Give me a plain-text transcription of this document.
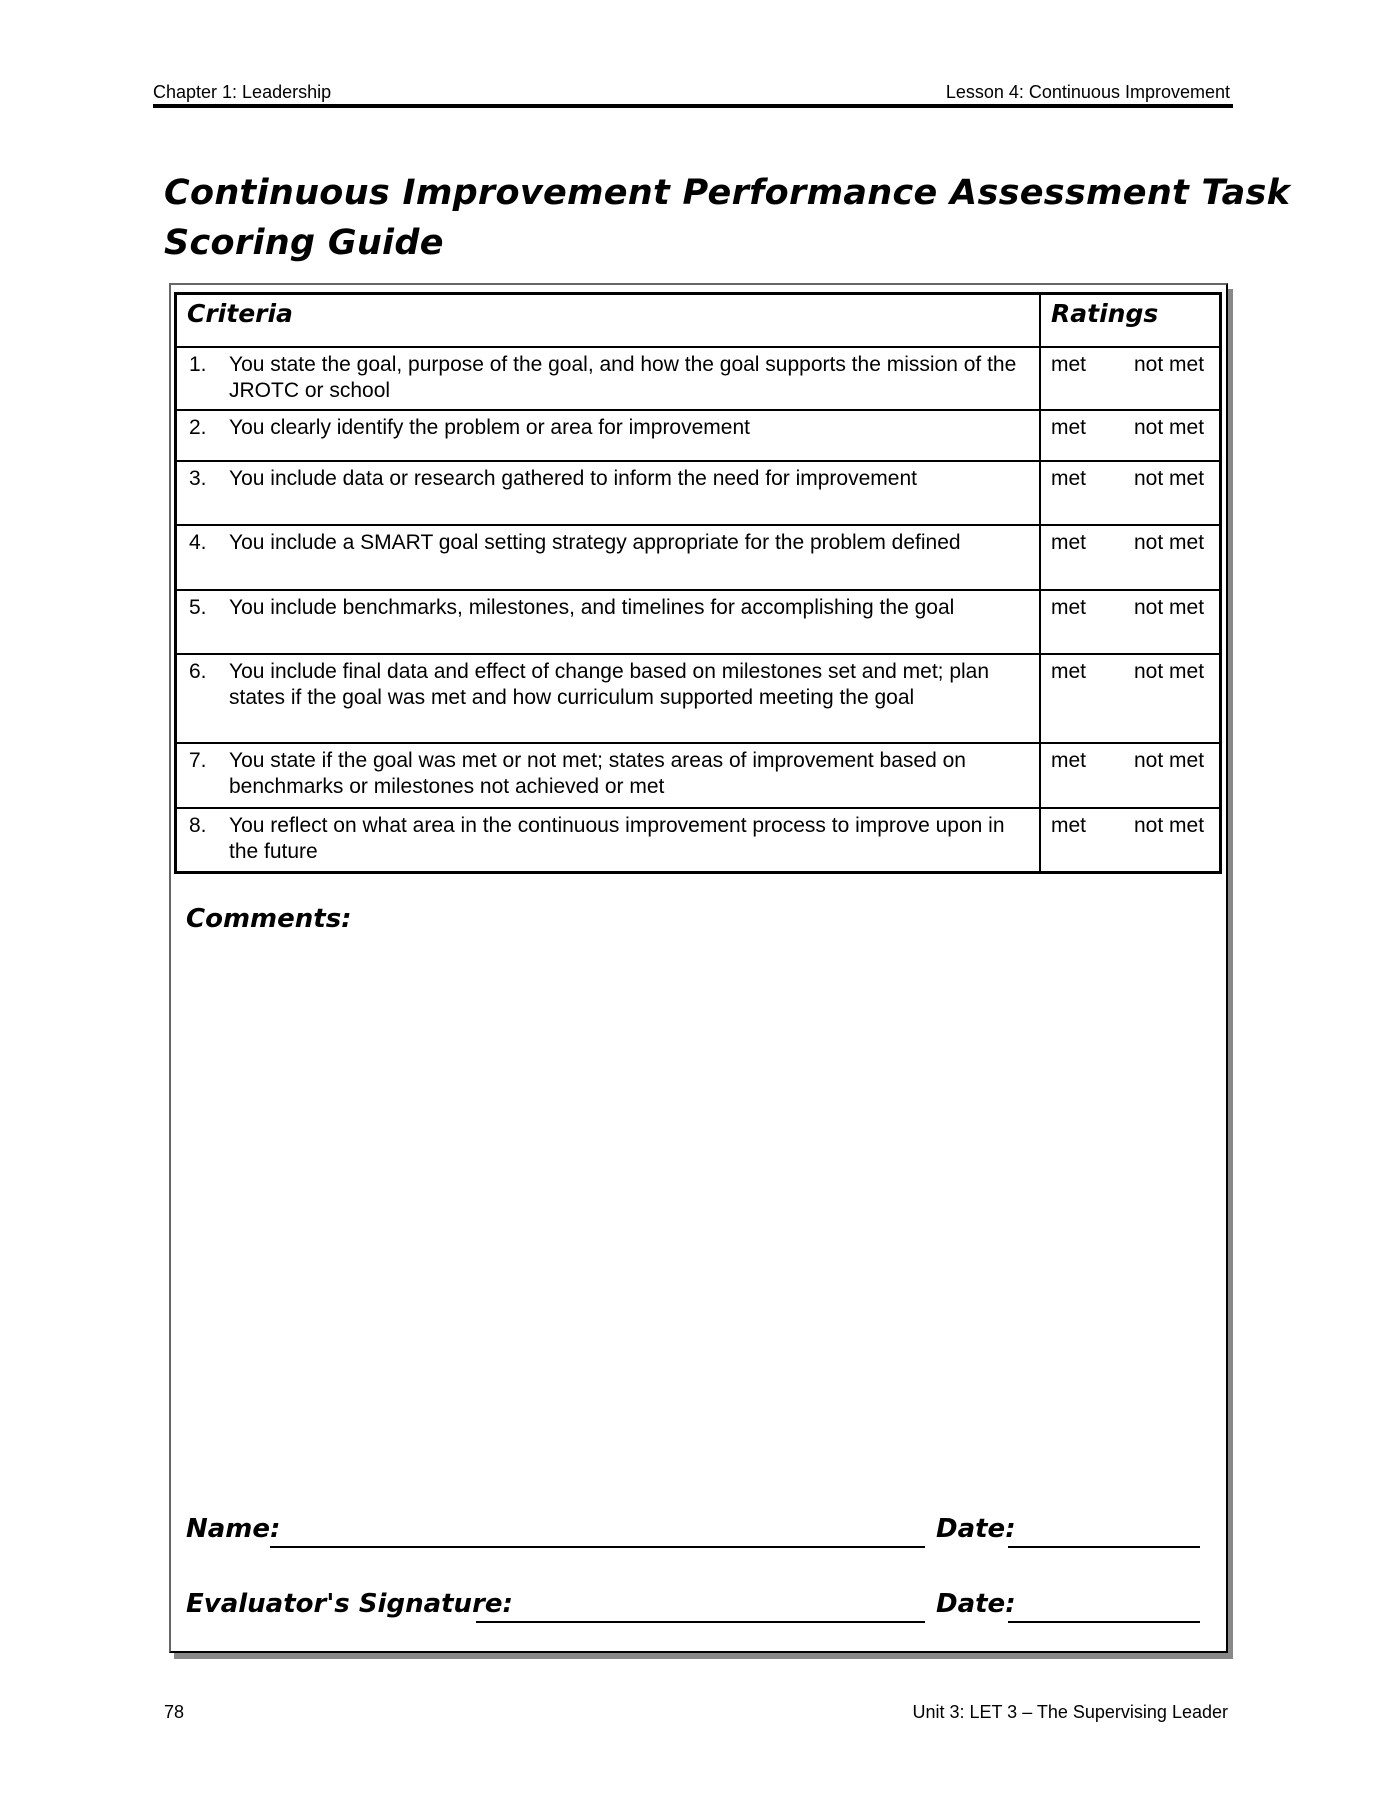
Chapter 1: Leadership	Lesson 4: Continuous Improvement
Continuous Improvement Performance Assessment Task
Scoring Guide
Criteria	Ratings

1. You state the goal, purpose of the goal, and how the goal supports the mission of the JROTC or school	met not met

2. You clearly identify the problem or area for improvement	met not met

3. You include data or research gathered to inform the need for improvement	met not met

4. You include a SMART goal setting strategy appropriate for the problem defined	met not met

5. You include benchmarks, milestones, and timelines for accomplishing the goal	met not met

6. You include final data and effect of change based on milestones set and met; plan states if the goal was met and how curriculum supported meeting the goal	met not met

7. You state if the goal was met or not met; states areas of improvement based on benchmarks or milestones not achieved or met	met not met

8. You reflect on what area in the continuous improvement process to improve upon in the future	met not met
Comments:
Name:	Date:
Evaluator's Signature:	Date:
78	Unit 3: LET 3 – The Supervising Leader
